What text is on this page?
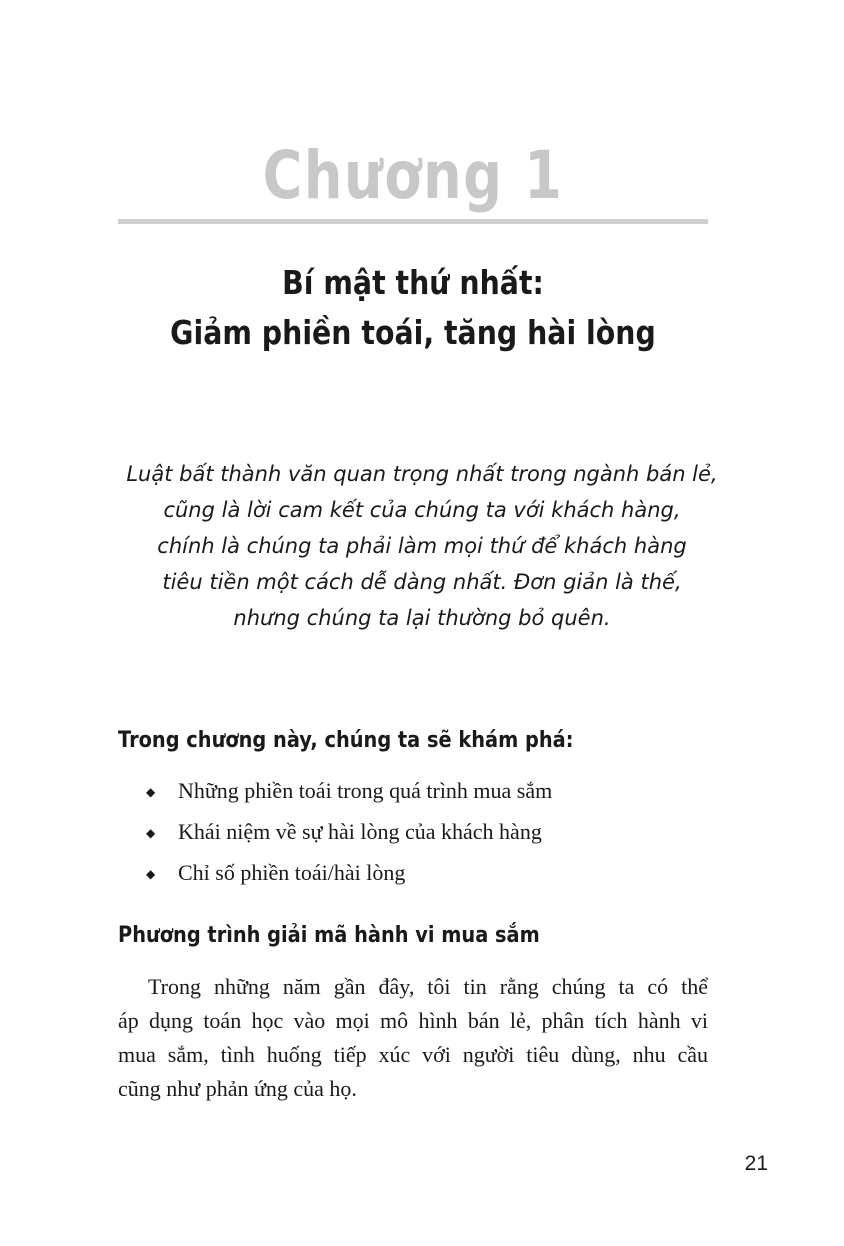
Chương 1
Bí mật thứ nhất:
Giảm phiền toái, tăng hài lòng
Luật bất thành văn quan trọng nhất trong ngành bán lẻ,
cũng là lời cam kết của chúng ta với khách hàng,
chính là chúng ta phải làm mọi thứ để khách hàng
tiêu tiền một cách dễ dàng nhất. Đơn giản là thế,
nhưng chúng ta lại thường bỏ quên.
Trong chương này, chúng ta sẽ khám phá:
◆ Những phiền toái trong quá trình mua sắm
◆ Khái niệm về sự hài lòng của khách hàng
◆ Chỉ số phiền toái/hài lòng
Phương trình giải mã hành vi mua sắm
Trong những năm gần đây, tôi tin rằng chúng ta có thể
áp dụng toán học vào mọi mô hình bán lẻ, phân tích hành vi
mua sắm, tình huống tiếp xúc với người tiêu dùng, nhu cầu
cũng như phản ứng của họ.
21
